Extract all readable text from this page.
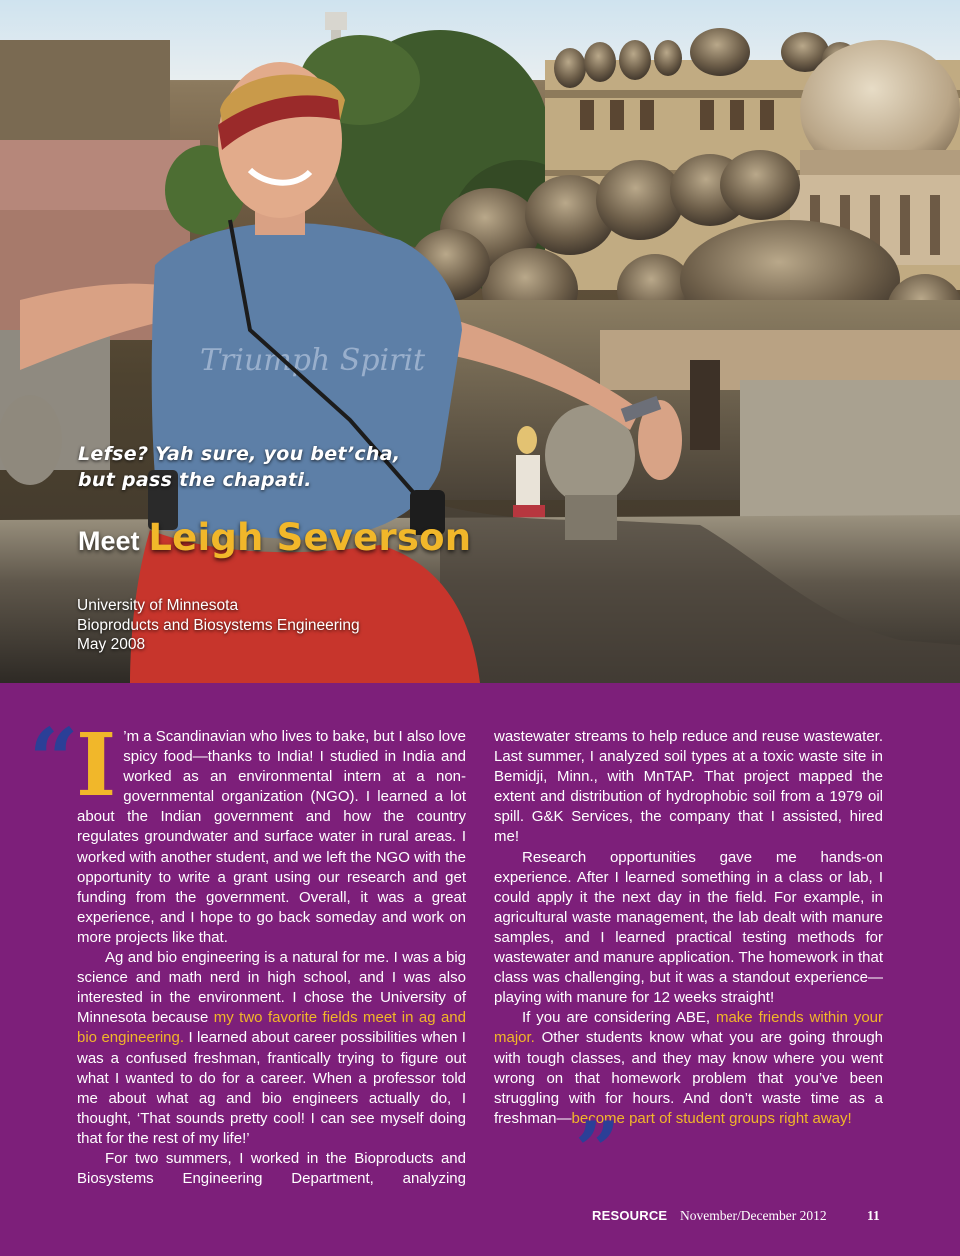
Triumph Spirit

Lefse? Yah sure, you bet’cha,
but pass the chapati.

Meet Leigh Severson
University of Minnesota
Bioproducts and Biosystems Engineering
May 2008
“ I ’m a Scandinavian who lives to bake, but I also love spicy food—thanks to India! I studied in India and worked as an environmental intern at a non-governmental organization (NGO). I learned a lot about the Indian government and how the country regulates groundwater and surface water in rural areas. I worked with another student, and we left the NGO with the opportunity to write a grant using our research and get funding from the government. Overall, it was a great experience, and I hope to go back someday and work on more projects like that.

Ag and bio engineering is a natural for me. I was a big science and math nerd in high school, and I was also interested in the environment. I chose the University of Minnesota because my two favorite fields meet in ag and bio engineering. I learned about career possibilities when I was a confused freshman, frantically trying to figure out what I wanted to do for a career. When a professor told me about what ag and bio engineers actually do, I thought, ‘That sounds pretty cool! I can see myself doing that for the rest of my life!’

For two summers, I worked in the Bioproducts and Biosystems Engineering Department, analyzing

wastewater streams to help reduce and reuse wastewater. Last summer, I analyzed soil types at a toxic waste site in Bemidji, Minn., with MnTAP. That project mapped the extent and distribution of hydrophobic soil from a 1979 oil spill. G&K Services, the company that I assisted, hired me!

Research opportunities gave me hands-on experience. After I learned something in a class or lab, I could apply it the next day in the field. For example, in agricultural waste management, the lab dealt with manure samples, and I learned practical testing methods for wastewater and manure application. The homework in that class was challenging, but it was a standout experience—playing with manure for 12 weeks straight!

If you are considering ABE, make friends within your major. Other students know what you are going through with tough classes, and they may know where you went wrong on that homework problem that you’ve been struggling with for hours. And don’t waste time as a freshman—become part of student groups right away!

”
RESOURCE November/December 2012	11
